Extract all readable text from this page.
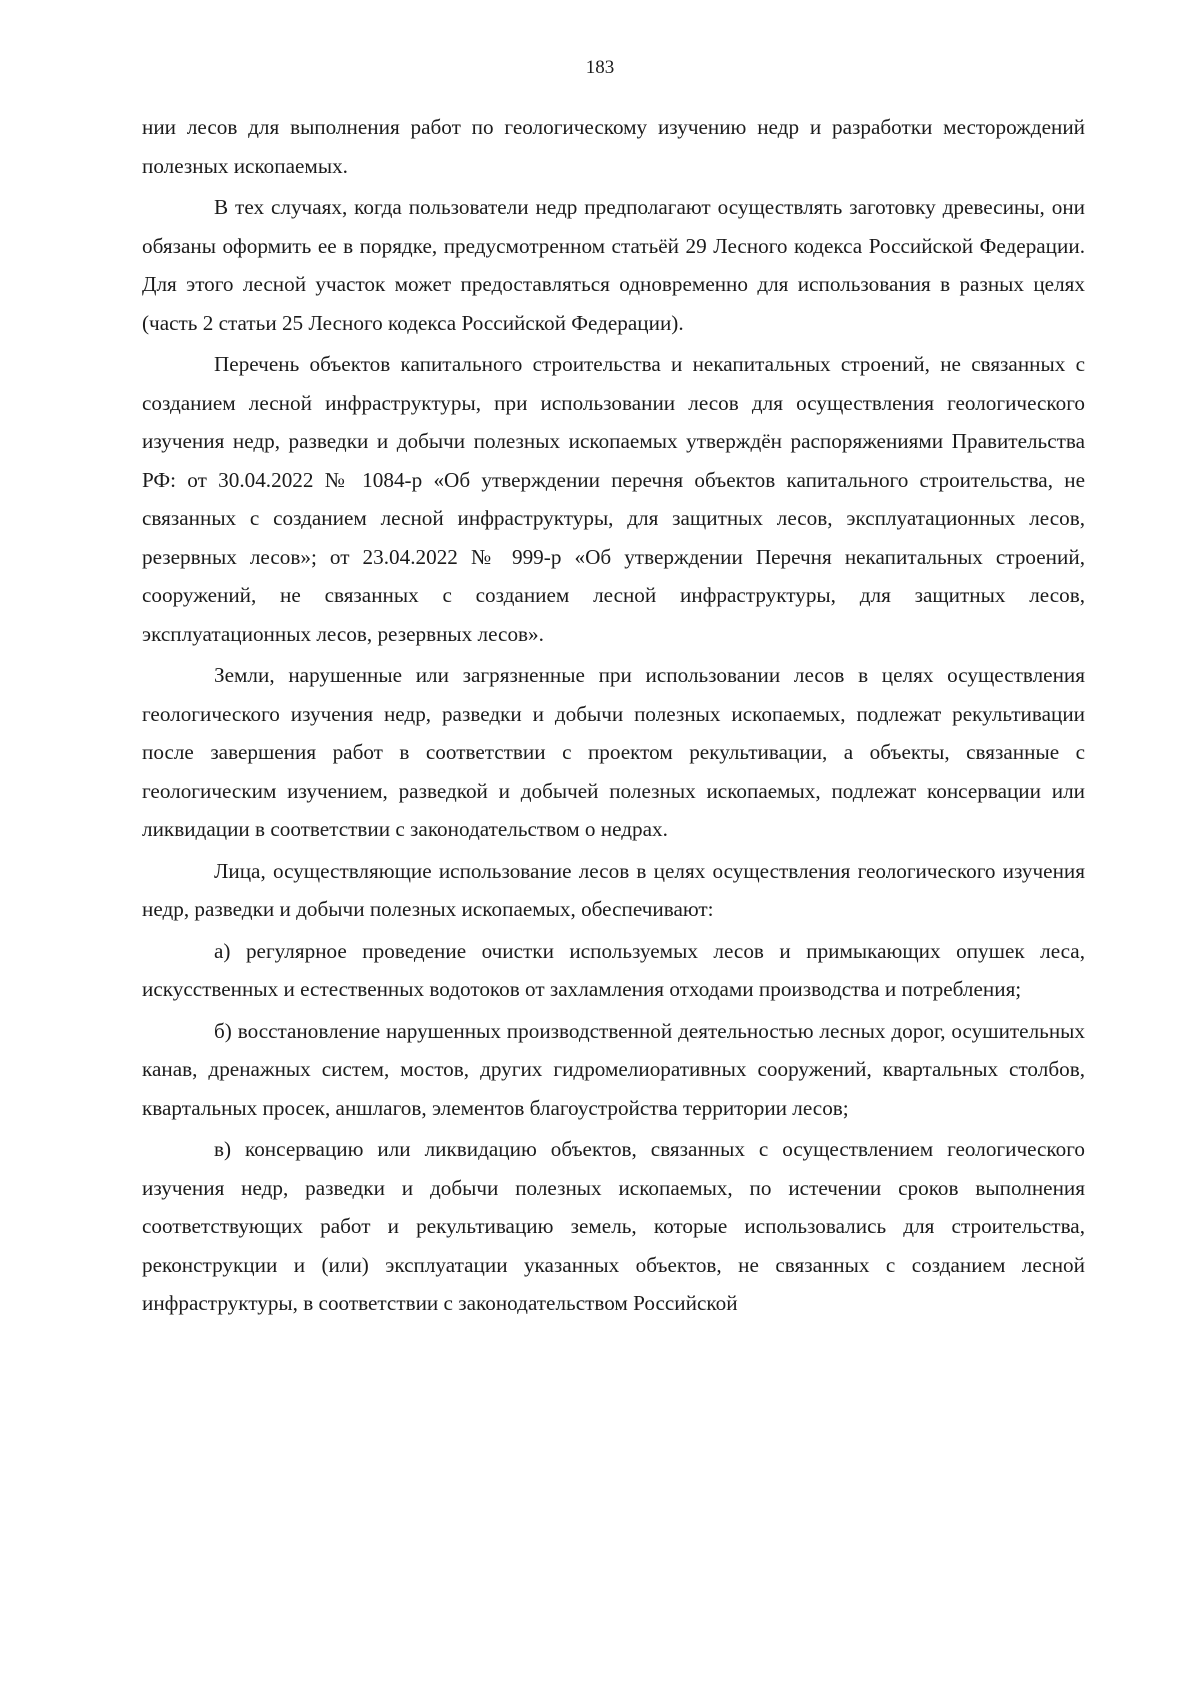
183

нии лесов для выполнения работ по геологическому изучению недр и разработки месторождений полезных ископаемых.

В тех случаях, когда пользователи недр предполагают осуществлять заготовку древесины, они обязаны оформить ее в порядке, предусмотренном статьёй 29 Лесного кодекса Российской Федерации. Для этого лесной участок может предоставляться одновременно для использования в разных целях (часть 2 статьи 25 Лесного кодекса Российской Федерации).

Перечень объектов капитального строительства и некапитальных строений, не связанных с созданием лесной инфраструктуры, при использовании лесов для осуществления геологического изучения недр, разведки и добычи полезных ископаемых утверждён распоряжениями Правительства РФ: от 30.04.2022 № 1084-р «Об утверждении перечня объектов капитального строительства, не связанных с созданием лесной инфраструктуры, для защитных лесов, эксплуатационных лесов, резервных лесов»; от 23.04.2022 № 999-р «Об утверждении Перечня некапитальных строений, сооружений, не связанных с созданием лесной инфраструктуры, для защитных лесов, эксплуатационных лесов, резервных лесов».

Земли, нарушенные или загрязненные при использовании лесов в целях осуществления геологического изучения недр, разведки и добычи полезных ископаемых, подлежат рекультивации после завершения работ в соответствии с проектом рекультивации, а объекты, связанные с геологическим изучением, разведкой и добычей полезных ископаемых, подлежат консервации или ликвидации в соответствии с законодательством о недрах.

Лица, осуществляющие использование лесов в целях осуществления геологического изучения недр, разведки и добычи полезных ископаемых, обеспечивают:

а) регулярное проведение очистки используемых лесов и примыкающих опушек леса, искусственных и естественных водотоков от захламления отходами производства и потребления;

б) восстановление нарушенных производственной деятельностью лесных дорог, осушительных канав, дренажных систем, мостов, других гидромелиоративных сооружений, квартальных столбов, квартальных просек, аншлагов, элементов благоустройства территории лесов;

в) консервацию или ликвидацию объектов, связанных с осуществлением геологического изучения недр, разведки и добычи полезных ископаемых, по истечении сроков выполнения соответствующих работ и рекультивацию земель, которые использовались для строительства, реконструкции и (или) эксплуатации указанных объектов, не связанных с созданием лесной инфраструктуры, в соответствии с законодательством Российской
